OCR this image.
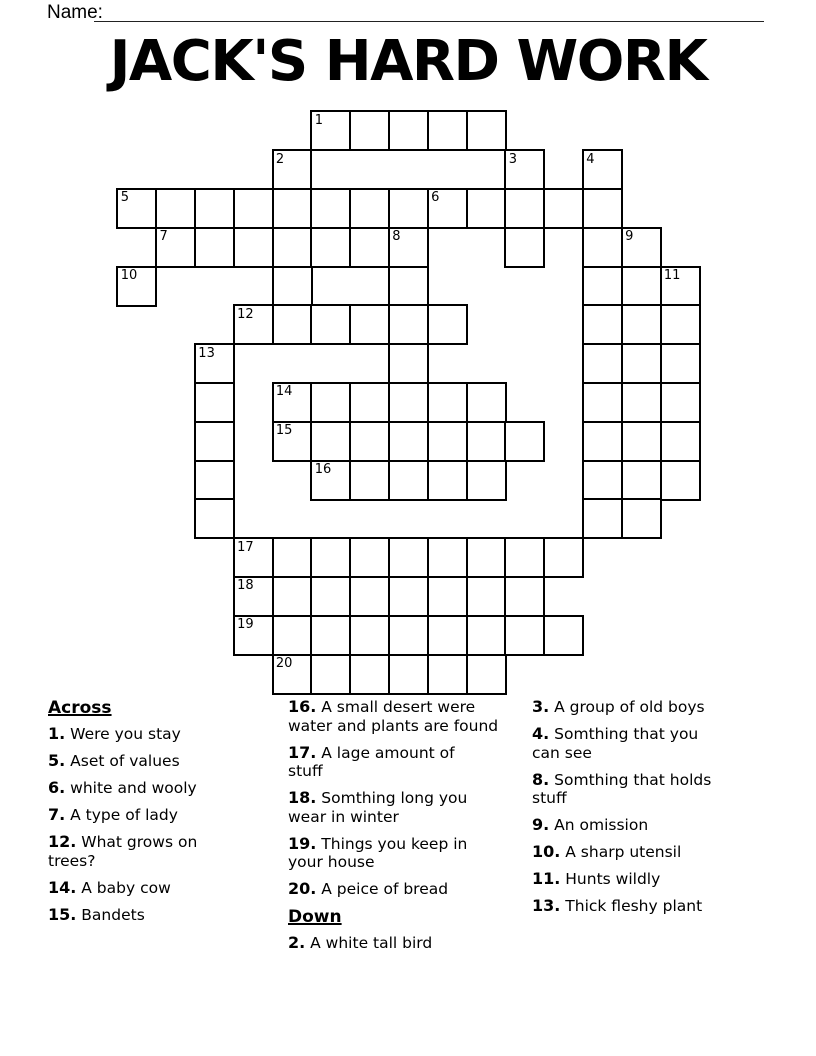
Name:
JACK'S HARD WORK
1
2	3	4
5	6
7	8	9
10	11
12
13
14
15
16
17
18
19
20
Across

1. Were you stay

5. Aset of values

6. white and wooly

7. A type of lady

12. What grows on
trees?

14. A baby cow

15. Bandets

16. A small desert were
water and plants are found

17. A lage amount of
stuff

18. Somthing long you
wear in winter

19. Things you keep in
your house

20. A peice of bread

Down

2. A white tall bird

3. A group of old boys

4. Somthing that you
can see

8. Somthing that holds
stuff

9. An omission

10. A sharp utensil

11. Hunts wildly

13. Thick fleshy plant
